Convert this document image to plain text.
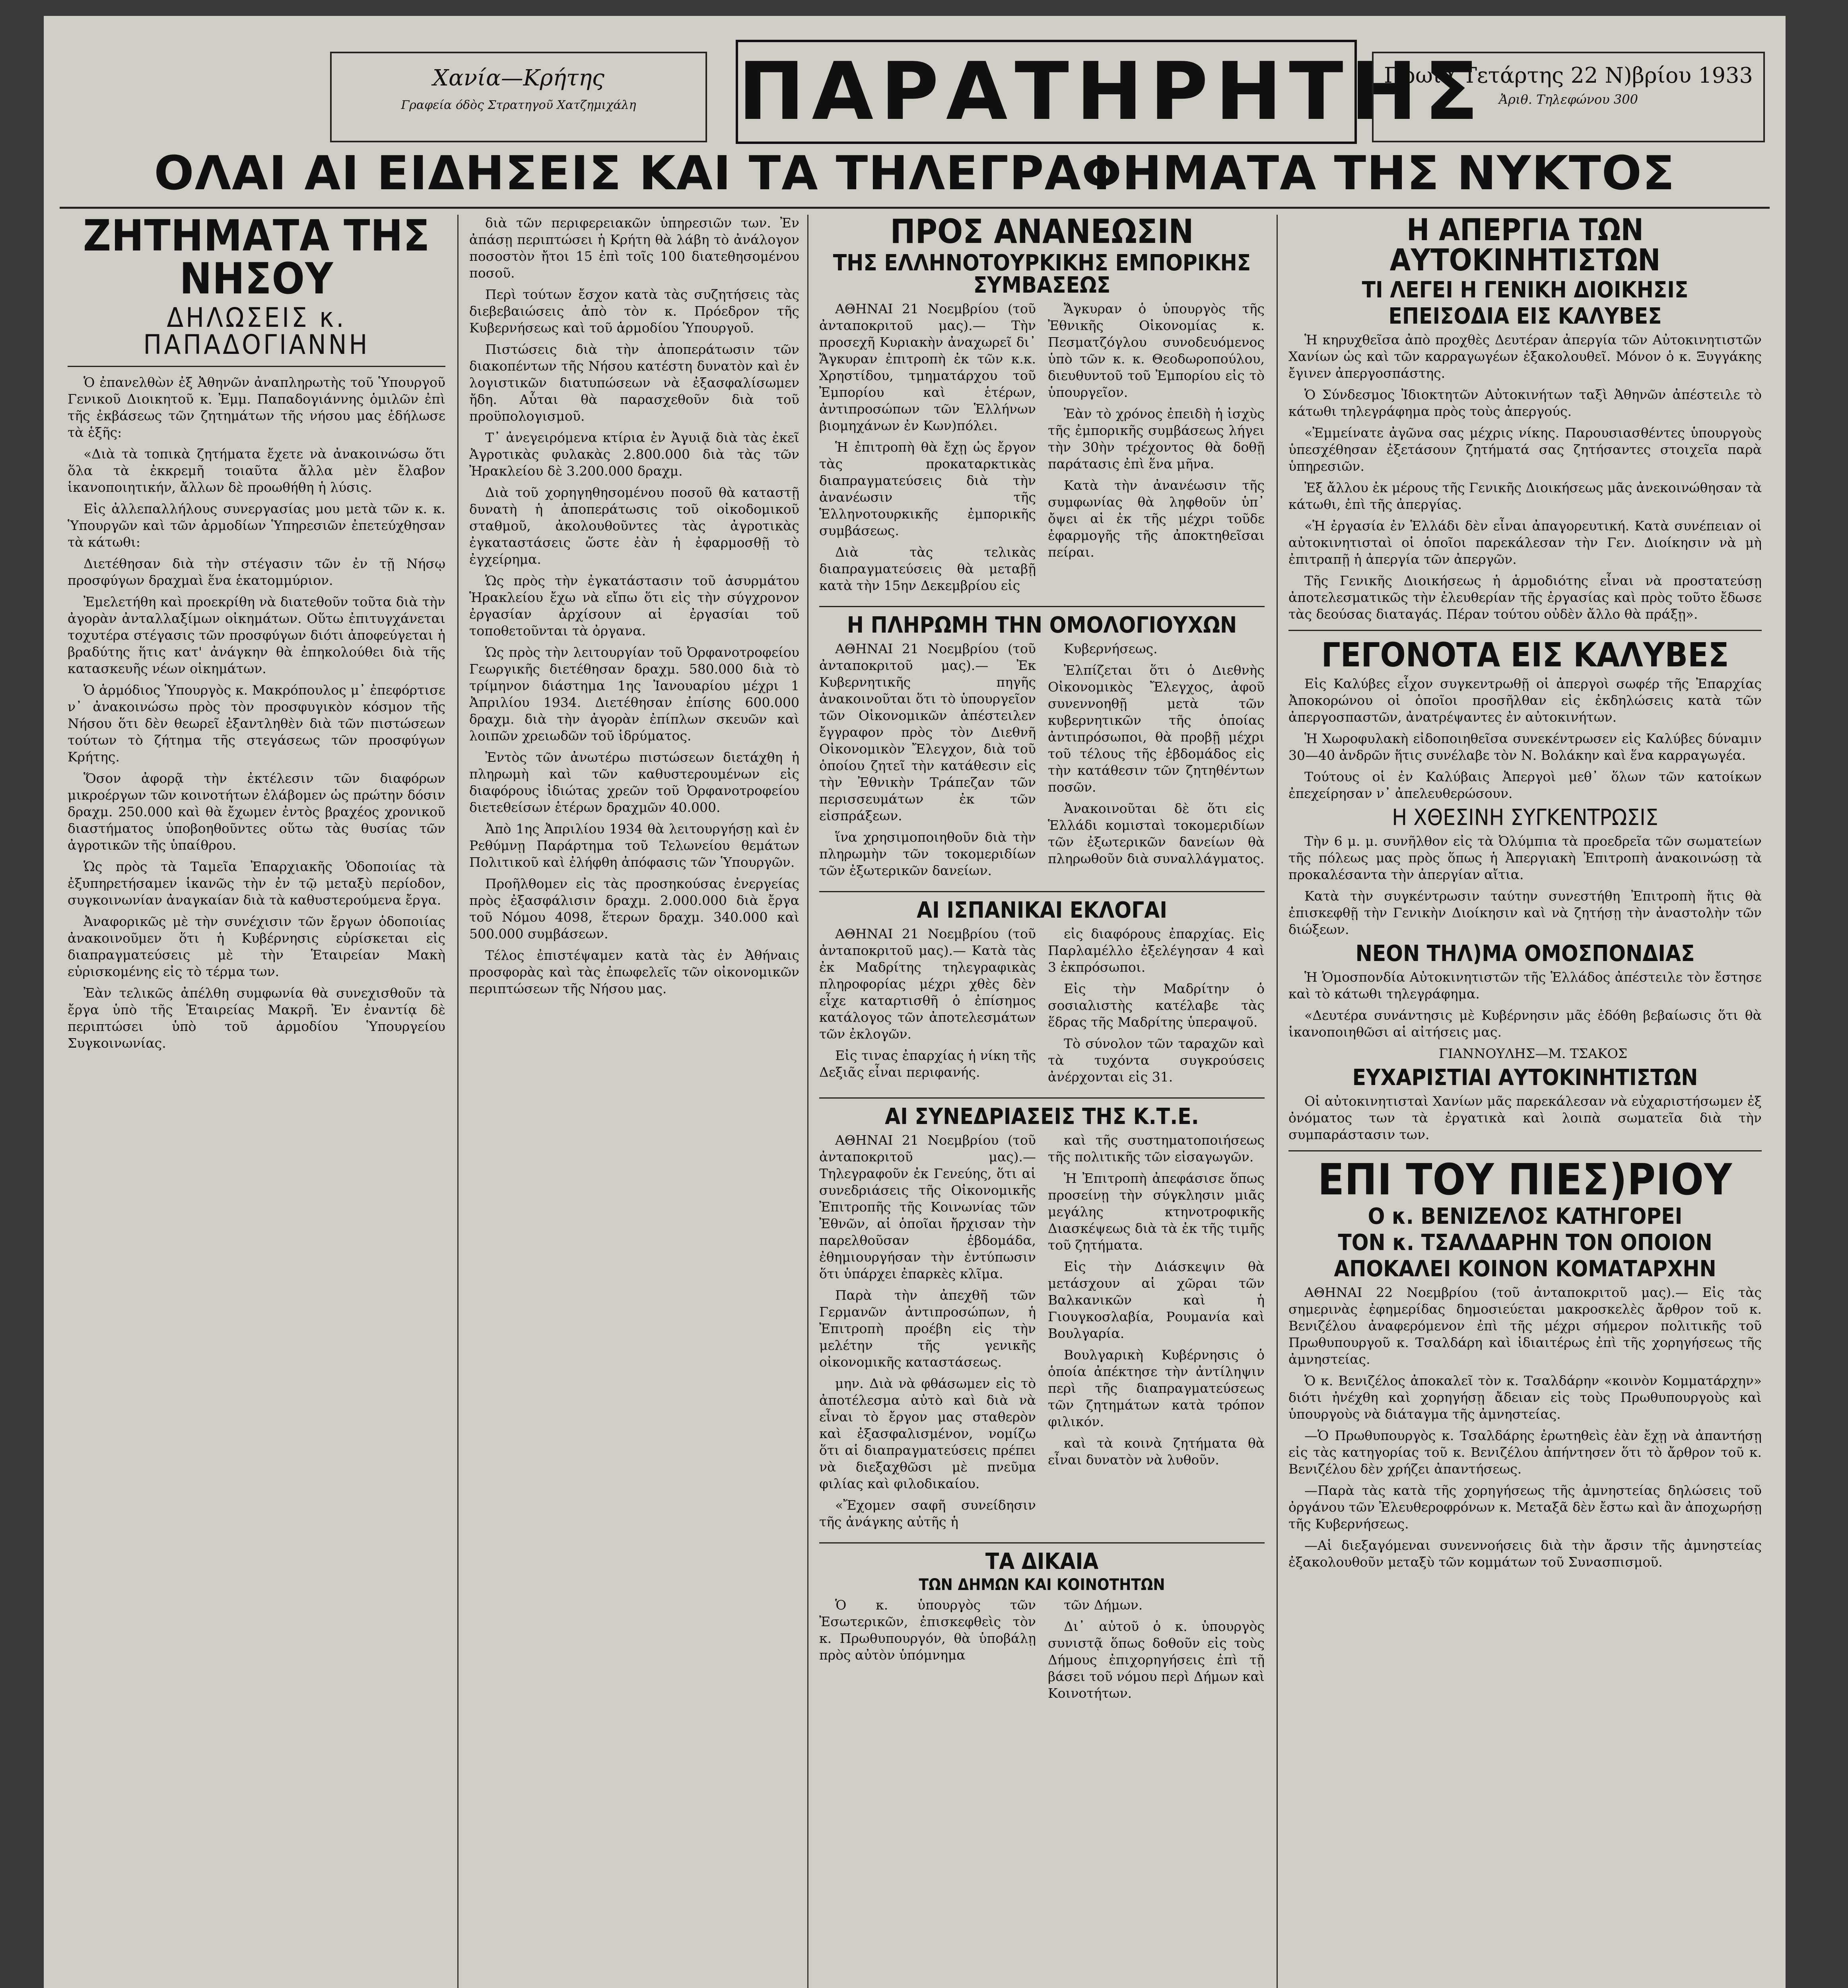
Χανία—Κρήτης
Γραφεία όδὸς Στρατηγοῦ Χατζημιχάλη	ΠΑΡΑΤΗΡΗΤΗΣ
Πρωΐα Τετάρτης 22 Ν)βρίου 1933
Ἀριθ. Τηλεφώνου 300
ΟΛΑΙ ΑΙ ΕΙΔΗΣΕΙΣ ΚΑΙ ΤΑ ΤΗΛΕΓΡΑΦΗΜΑΤΑ ΤΗΣ ΝΥΚΤΟΣ
ΖΗΤΗΜΑΤΑ ΤΗΣ ΝΗΣΟΥ
ΔΗΛΩΣΕΙΣ κ. ΠΑΠΑΔΟΓΙΑΝΝΗ

Ὁ ἐπανελθὼν ἐξ Ἀθηνῶν ἀναπληρωτὴς τοῦ Ὑπουργοῦ Γενικοῦ Διοικητοῦ κ. Ἐμμ. Παπαδογιάννης ὁμιλῶν ἐπὶ τῆς ἐκβάσεως τῶν ζητημάτων τῆς νήσου μας ἐδήλωσε τὰ ἑξῆς:

«Διὰ τὰ τοπικὰ ζητήματα ἔχετε νὰ ἀνακοινώσω ὅτι ὅλα τὰ ἐκκρεμῆ τοιαῦτα ἄλλα μὲν ἔλαβον ἱκανοποιητικήν, ἄλλων δὲ προωθήθη ἡ λύσις.

Εἰς ἀλλεπαλλήλους συνεργασίας μου μετὰ τῶν κ. κ. Ὑπουργῶν καὶ τῶν ἁρμοδίων Ὑπηρεσιῶν ἐπετεύχθησαν τὰ κάτωθι:

Διετέθησαν διὰ τὴν στέγασιν τῶν ἐν τῇ Νήσῳ προσφύγων δραχμαὶ ἕνα ἑκατομμύριον.

Ἐμελετήθη καὶ προεκρίθη νὰ διατεθοῦν τοῦτα διὰ τὴν ἀγορὰν ἀνταλλαξίμων οἰκημάτων. Οὕτω ἐπιτυγχάνεται τοχυτέρα στέγασις τῶν προσφύγων διότι ἀποφεύγεται ἡ βραδύτης ἥτις κατ' ἀνάγκην θὰ ἐπηκολούθει διὰ τῆς κατασκευῆς νέων οἰκημάτων.

Ὁ ἁρμόδιος Ὑπουργὸς κ. Μακρόπουλος μ᾽ ἐπεφόρτισε ν᾽ ἀνακοινώσω πρὸς τὸν προσφυγικὸν κόσμον τῆς Νήσου ὅτι δὲν θεωρεῖ ἐξαντληθὲν διὰ τῶν πιστώσεων τούτων τὸ ζήτημα τῆς στεγάσεως τῶν προσφύγων Κρήτης.

Ὅσον ἀφορᾷ τὴν ἐκτέλεσιν τῶν διαφόρων μικροέργων τῶν κοινοτήτων ἐλάβομεν ὡς πρώτην δόσιν δραχμ. 250.000 καὶ θὰ ἔχωμεν ἐντὸς βραχέος χρονικοῦ διαστήματος ὑποβοηθοῦντες οὕτω τὰς θυσίας τῶν ἀγροτικῶν τῆς ὑπαίθρου.

Ὡς πρὸς τὰ Ταμεῖα Ἐπαρχιακῆς Ὁδοποιίας τὰ ἐξυπηρετήσαμεν ἱκανῶς τὴν ἐν τῷ μεταξὺ περίοδον, συγκοινωνίαν ἀναγκαίαν διὰ τὰ καθυστερούμενα ἔργα.

Ἀναφορικῶς μὲ τὴν συνέχισιν τῶν ἔργων ὁδοποιίας ἀνακοινοῦμεν ὅτι ἡ Κυβέρνησις εὑρίσκεται εἰς διαπραγματεύσεις μὲ τὴν Ἑταιρείαν Μακὴ εὑρισκομένης εἰς τὸ τέρμα των.

Ἐὰν τελικῶς ἀπέλθη συμφωνία θὰ συνεχισθοῦν τὰ ἔργα ὑπὸ τῆς Ἑταιρείας Μακρῆ. Ἐν ἐναντίᾳ δὲ περιπτώσει ὑπὸ τοῦ ἁρμοδίου Ὑπουργείου Συγκοινωνίας.

διὰ τῶν περιφερειακῶν ὑπηρεσιῶν των. Ἐν ἀπάσῃ περιπτώσει ἡ Κρήτη θὰ λάβη τὸ ἀνάλογον ποσοστὸν ἤτοι 15 ἐπὶ τοῖς 100 διατεθησομένου ποσοῦ.

Περὶ τούτων ἔσχον κατὰ τὰς συζητήσεις τὰς διεβεβαιώσεις ἀπὸ τὸν κ. Πρόεδρον τῆς Κυβερνήσεως καὶ τοῦ ἁρμοδίου Ὑπουργοῦ.

Πιστώσεις διὰ τὴν ἀποπεράτωσιν τῶν διακοπέντων τῆς Νήσου κατέστη δυνατὸν καὶ ἐν λογιστικῶν διατυπώσεων νὰ ἐξασφαλίσωμεν ἤδη. Αὗται θὰ παρασχεθοῦν διὰ τοῦ προϋπολογισμοῦ.

Τ᾽ ἀνεγειρόμενα κτίρια ἐν Ἀγυιᾷ διὰ τὰς ἐκεῖ Ἀγροτικὰς φυλακὰς 2.800.000 διὰ τὰς τῶν Ἠρακλείου δὲ 3.200.000 δραχμ.

Διὰ τοῦ χορηγηθησομένου ποσοῦ θὰ καταστῇ δυνατὴ ἡ ἀποπεράτωσις τοῦ οἰκοδομικοῦ σταθμοῦ, ἀκολουθοῦντες τὰς ἀγροτικὰς ἐγκαταστάσεις ὥστε ἐὰν ἡ ἐφαρμοσθῇ τὸ ἐγχείρημα.

Ὡς πρὸς τὴν ἐγκατάστασιν τοῦ ἀσυρμάτου Ἡρακλείου ἔχω νὰ εἴπω ὅτι εἰς τὴν σύγχρονον ἐργασίαν ἀρχίσουν αἱ ἐργασίαι τοῦ τοποθετοῦνται τὰ ὀργανα.

Ὡς πρὸς τὴν λειτουργίαν τοῦ Ὀρφανοτροφείου Γεωργικῆς διετέθησαν δραχμ. 580.000 διὰ τὸ τρίμηνον διάστημα 1ης Ἰανουαρίου μέχρι 1 Ἀπριλίου 1934. Διετέθησαν ἐπίσης 600.000 δραχμ. διὰ τὴν ἀγορὰν ἐπίπλων σκευῶν καὶ λοιπῶν χρειωδῶν τοῦ ἱδρύματος.

Ἐντὸς τῶν ἀνωτέρω πιστώσεων διετάχθη ἡ πληρωμὴ καὶ τῶν καθυστερουμένων εἰς διαφόρους ἰδιώτας χρεῶν τοῦ Ὀρφανοτροφείου διετεθείσων ἑτέρων δραχμῶν 40.000.

Ἀπὸ 1ης Ἀπριλίου 1934 θὰ λειτουργήσῃ καὶ ἐν Ρεθύμνῃ Παράρτημα τοῦ Τελωνείου θεμάτων Πολιτικοῦ καὶ ἐλήφθη ἀπόφασις τῶν Ὑπουργῶν.

Προῆλθομεν εἰς τὰς προσηκούσας ἐνεργείας πρὸς ἐξασφάλισιν δραχμ. 2.000.000 διὰ ἔργα τοῦ Νόμου 4098, ἕτερων δραχμ. 340.000 καὶ 500.000 συμβάσεων.

Τέλος ἐπιστέψαμεν κατὰ τὰς ἐν Ἀθήναις προσφορὰς καὶ τὰς ἐπωφελεῖς τῶν οἰκονομικῶν περιπτώσεων τῆς Νήσου μας.

ΠΡΟΣ ΑΝΑΝΕΩΣΙΝ
ΤΗΣ ΕΛΛΗΝΟΤΟΥΡΚΙΚΗΣ ΕΜΠΟΡΙΚΗΣ ΣΥΜΒΑΣΕΩΣ

ΑΘΗΝΑΙ 21 Νοεμβρίου (τοῦ ἀνταποκριτοῦ μας).— Τὴν προσεχῆ Κυριακὴν ἀναχωρεῖ δι᾽ Ἄγκυραν ἐπιτροπὴ ἐκ τῶν κ.κ. Χρηστίδου, τμηματάρχου τοῦ Ἐμπορίου καὶ ἑτέρων, ἀντιπροσώπων τῶν Ἑλλήνων βιομηχάνων ἐν Κων)πόλει.

Ἡ ἐπιτροπὴ θὰ ἔχῃ ὡς ἔργον τὰς προκαταρκτικὰς διαπραγματεύσεις διὰ τὴν ἀνανέωσιν τῆς Ἑλληνοτουρκικῆς ἐμπορικῆς συμβάσεως.

Διὰ τὰς τελικὰς διαπραγματεύσεις θὰ μεταβῇ κατὰ τὴν 15ην Δεκεμβρίου εἰς

Ἄγκυραν ὁ ὑπουργὸς τῆς Ἐθνικῆς Οἰκονομίας κ. Πεσματζόγλου συνοδευόμενος ὑπὸ τῶν κ. κ. Θεοδωροπούλου, διευθυντοῦ τοῦ Ἐμπορίου εἰς τὸ ὑπουργεῖον.

Ἐὰν τὸ χρόνος ἐπειδὴ ἡ ἰσχὺς τῆς ἐμπορικῆς συμβάσεως λήγει τὴν 30ὴν τρέχοντος θὰ δοθῇ παράτασις ἐπὶ ἕνα μῆνα.

Κατὰ τὴν ἀνανέωσιν τῆς συμφωνίας θὰ ληφθοῦν ὑπ᾽ ὄψει αἱ ἐκ τῆς μέχρι τοῦδε ἐφαρμογῆς τῆς ἀποκτηθεῖσαι πείραι.

Η ΠΛΗΡΩΜΗ ΤΗΝ ΟΜΟΛΟΓΙΟΥΧΩΝ

ΑΘΗΝΑΙ 21 Νοεμβρίου (τοῦ ἀνταποκριτοῦ μας).— Ἐκ Κυβερνητικῆς πηγῆς ἀνακοινοῦται ὅτι τὸ ὑπουργεῖον τῶν Οἰκονομικῶν ἀπέστειλεν ἔγγραφον πρὸς τὸν Διεθνῆ Οἰκονομικὸν Ἔλεγχον, διὰ τοῦ ὁποίου ζητεῖ τὴν κατάθεσιν εἰς τὴν Ἐθνικὴν Τράπεζαν τῶν περισσευμάτων ἐκ τῶν εἰσπράξεων.

ἵνα χρησιμοποιηθοῦν διὰ τὴν πληρωμὴν τῶν τοκομεριδίων τῶν ἐξωτερικῶν δανείων.

Κυβερνήσεως.

Ἐλπίζεται ὅτι ὁ Διεθνὴς Οἰκονομικὸς Ἔλεγχος, ἀφοῦ συνεννοηθῇ μετὰ τῶν κυβερνητικῶν τῆς ὁποίας ἀντιπρόσωποι, θὰ προβῇ μέχρι τοῦ τέλους τῆς ἑβδομάδος εἰς τὴν κατάθεσιν τῶν ζητηθέντων ποσῶν.

Ἀνακοινοῦται δὲ ὅτι εἰς Ἑλλάδι κομισταὶ τοκομεριδίων τῶν ἐξωτερικῶν δανείων θὰ πληρωθοῦν διὰ συναλλάγματος.

ΑΙ ΙΣΠΑΝΙΚΑΙ ΕΚΛΟΓΑΙ

ΑΘΗΝΑΙ 21 Νοεμβρίου (τοῦ ἀνταποκριτοῦ μας).— Κατὰ τὰς ἐκ Μαδρίτης τηλεγραφικὰς πληροφορίας μέχρι χθὲς δὲν εἶχε καταρτισθῆ ὁ ἐπίσημος κατάλογος τῶν ἀποτελεσμάτων τῶν ἐκλογῶν.

Εἰς τινας ἐπαρχίας ἡ νίκη τῆς Δεξιᾶς εἶναι περιφανής.

εἰς διαφόρους ἐπαρχίας. Εἰς Παρλαμέλλο ἐξελέγησαν 4 καὶ 3 ἐκπρόσωποι.

Εἰς τὴν Μαδρίτην ὁ σοσιαλιστὴς κατέλαβε τὰς ἕδρας τῆς Μαδρίτης ὑπεραψοῦ.

Τὸ σύνολον τῶν ταραχῶν καὶ τὰ τυχόντα συγκρούσεις ἀνέρχονται εἰς 31.

ΑΙ ΣΥΝΕΔΡΙΑΣΕΙΣ ΤΗΣ Κ.Τ.Ε.

ΑΘΗΝΑΙ 21 Νοεμβρίου (τοῦ ἀνταποκριτοῦ μας).— Τηλεγραφοῦν ἐκ Γενεύης, ὅτι αἱ συνεδριάσεις τῆς Οἰκονομικῆς Ἐπιτροπῆς τῆς Κοινωνίας τῶν Ἐθνῶν, αἱ ὁποῖαι ἤρχισαν τὴν παρελθοῦσαν ἑβδομάδα, ἐθημιουργήσαν τὴν ἐντύπωσιν ὅτι ὑπάρχει ἐπαρκὲς κλῖμα.

Παρὰ τὴν ἀπεχθῆ τῶν Γερμανῶν ἀντιπροσώπων, ἡ Ἐπιτροπὴ προέβη εἰς τὴν μελέτην τῆς γενικῆς οἰκονομικῆς καταστάσεως.

μην. Διὰ νὰ φθάσωμεν εἰς τὸ ἀποτέλεσμα αὐτὸ καὶ διὰ νὰ εἶναι τὸ ἔργον μας σταθερὸν καὶ ἐξασφαλισμένον, νομίζω ὅτι αἱ διαπραγματεύσεις πρέπει νὰ διεξαχθῶσι μὲ πνεῦμα φιλίας καὶ φιλοδικαίου.

«Ἔχομεν σαφῆ συνείδησιν τῆς ἀνάγκης αὐτῆς ἡ

καὶ τῆς συστηματοποιήσεως τῆς πολιτικῆς τῶν εἰσαγωγῶν.

Ἡ Ἐπιτροπὴ ἀπεφάσισε ὅπως προσείνῃ τὴν σύγκλησιν μιᾶς μεγάλης κτηνοτροφικῆς Διασκέψεως διὰ τὰ ἐκ τῆς τιμῆς τοῦ ζητήματα.

Εἰς τὴν Διάσκεψιν θὰ μετάσχουν αἱ χῶραι τῶν Βαλκανικῶν καὶ ἡ Γιουγκοσλαβία, Ρουμανία καὶ Βουλγαρία.

Βουλγαρικὴ Κυβέρνησις ὁ ὁποία ἀπέκτησε τὴν ἀντίληψιν περὶ τῆς διαπραγματεύσεως τῶν ζητημάτων κατὰ τρόπον φιλικόν.

καὶ τὰ κοινὰ ζητήματα θὰ εἶναι δυνατὸν νὰ λυθοῦν.

ΤΑ ΔΙΚΑΙΑ
ΤΩΝ ΔΗΜΩΝ ΚΑΙ ΚΟΙΝΟΤΗΤΩΝ

Ὁ κ. ὑπουργὸς τῶν Ἐσωτερικῶν, ἐπισκεφθεὶς τὸν κ. Πρωθυπουργόν, θὰ ὑποβάλῃ πρὸς αὐτὸν ὑπόμνημα

τῶν Δήμων.

Δι᾽ αὐτοῦ ὁ κ. ὑπουργὸς συνιστᾷ ὅπως δοθοῦν εἰς τοὺς Δήμους ἐπιχορηγήσεις ἐπὶ τῇ βάσει τοῦ νόμου περὶ Δήμων καὶ Κοινοτήτων.

Η ΑΠΕΡΓΙΑ ΤΩΝ ΑΥΤΟΚΙΝΗΤΙΣΤΩΝ
ΤΙ ΛΕΓΕΙ Η ΓΕΝΙΚΗ ΔΙΟΙΚΗΣΙΣ
ΕΠΕΙΣΟΔΙΑ ΕΙΣ ΚΑΛΥΒΕΣ

Ἡ κηρυχθεῖσα ἀπὸ προχθὲς Δευτέραν ἀπεργία τῶν Αὐτοκινητιστῶν Χανίων ὡς καὶ τῶν καρραγωγέων ἐξακολουθεῖ. Μόνον ὁ κ. Ξυγγάκης ἔγινεν ἀπεργοσπάστης.

Ὁ Σύνδεσμος Ἰδιοκτητῶν Αὐτοκινήτων ταξὶ Ἀθηνῶν ἀπέστειλε τὸ κάτωθι τηλεγράφημα πρὸς τοὺς ἀπεργούς.

«Ἐμμείνατε ἀγῶνα σας μέχρις νίκης. Παρουσιασθέντες ὑπουργοὺς ὑπεσχέθησαν ἐξετάσουν ζητήματά σας ζητήσαντες στοιχεῖα παρὰ ὑπηρεσιῶν.

Ἐξ ἄλλου ἐκ μέρους τῆς Γενικῆς Διοικήσεως μᾶς ἀνεκοινώθησαν τὰ κάτωθι, ἐπὶ τῆς ἀπεργίας.

«Ἡ ἐργασία ἐν Ἑλλάδι δὲν εἶναι ἀπαγορευτική. Κατὰ συνέπειαν οἱ αὐτοκινητισταὶ οἱ ὁποῖοι παρεκάλεσαν τὴν Γεν. Διοίκησιν νὰ μὴ ἐπιτραπῇ ἡ ἀπεργία τῶν ἀπεργῶν.

Τῆς Γενικῆς Διοικήσεως ἡ ἁρμοδιότης εἶναι νὰ προστατεύσῃ ἀποτελεσματικῶς τὴν ἐλευθερίαν τῆς ἐργασίας καὶ πρὸς τοῦτο ἔδωσε τὰς δεούσας διαταγάς. Πέραν τούτου οὐδὲν ἄλλο θὰ πράξῃ».

ΓΕΓΟΝΟΤΑ ΕΙΣ ΚΑΛΥΒΕΣ

Εἰς Καλύβες εἶχον συγκεντρωθῇ οἱ ἀπεργοὶ σωφέρ τῆς Ἐπαρχίας Ἀποκορώνου οἱ ὁποῖοι προσῆλθαν εἰς ἐκδηλώσεις κατὰ τῶν ἀπεργοσπαστῶν, ἀνατρέψαντες ἐν αὐτοκινήτων.

Ἡ Χωροφυλακὴ εἰδοποιηθεῖσα συνεκέντρωσεν εἰς Καλύβες δύναμιν 30—40 ἀνδρῶν ἥτις συνέλαβε τὸν Ν. Βολάκην καὶ ἕνα καρραγωγέα.

Τούτους οἱ ἐν Καλύβαις Ἀπεργοὶ μεθ᾽ ὅλων τῶν κατοίκων ἐπεχείρησαν ν᾽ ἀπελευθερώσουν.

Η ΧΘΕΣΙΝΗ ΣΥΓΚΕΝΤΡΩΣΙΣ

Τὴν 6 μ. μ. συνῆλθον εἰς τὰ Ὀλύμπια τὰ προεδρεῖα τῶν σωματείων τῆς πόλεως μας πρὸς ὅπως ἡ Ἀπεργιακὴ Ἐπιτροπὴ ἀνακοινώσῃ τὰ προκαλέσαντα τὴν ἀπεργίαν αἴτια.

Κατὰ τὴν συγκέντρωσιν ταύτην συνεστήθη Ἐπιτροπὴ ἥτις θὰ ἐπισκεφθῇ τὴν Γενικὴν Διοίκησιν καὶ νὰ ζητήσῃ τὴν ἀναστολὴν τῶν διώξεων.

ΝΕΟΝ ΤΗΛ)ΜΑ ΟΜΟΣΠΟΝΔΙΑΣ

Ἡ Ὁμοσπονδία Αὐτοκινητιστῶν τῆς Ἑλλάδος ἀπέστειλε τὸν ἔστησε καὶ τὸ κάτωθι τηλεγράφημα.

«Δευτέρα συνάντησις μὲ Κυβέρνησιν μᾶς ἐδόθη βεβαίωσις ὅτι θὰ ἱκανοποιηθῶσι αἱ αἰτήσεις μας.

ΓΙΑΝΝΟΥΛΗΣ—Μ. ΤΣΑΚΟΣ

ΕΥΧΑΡΙΣΤΙΑΙ ΑΥΤΟΚΙΝΗΤΙΣΤΩΝ

Οἱ αὐτοκινητισταὶ Χανίων μᾶς παρεκάλεσαν νὰ εὐχαριστήσωμεν ἐξ ὀνόματος των τὰ ἐργατικὰ καὶ λοιπὰ σωματεῖα διὰ τὴν συμπαράστασιν των.

ΕΠΙ ΤΟΥ ΠΙΕΣ)ΡΙΟΥ
Ο κ. ΒΕΝΙΖΕΛΟΣ ΚΑΤΗΓΟΡΕΙ
ΤΟΝ κ. ΤΣΑΛΔΑΡΗΝ ΤΟΝ ΟΠΟΙΟΝ
ΑΠΟΚΑΛΕΙ ΚΟΙΝΟΝ ΚΟΜΑΤΑΡΧΗΝ

ΑΘΗΝΑΙ 22 Νοεμβρίου (τοῦ ἀνταποκριτοῦ μας).— Εἰς τὰς σημερινὰς ἐφημερίδας δημοσιεύεται μακροσκελὲς ἄρθρον τοῦ κ. Βενιζέλου ἀναφερόμενον ἐπὶ τῆς μέχρι σήμερον πολιτικῆς τοῦ Πρωθυπουργοῦ κ. Τσαλδάρη καὶ ἰδιαιτέρως ἐπὶ τῆς χορηγήσεως τῆς ἀμνηστείας.

Ὁ κ. Βενιζέλος ἀποκαλεῖ τὸν κ. Τσαλδάρην «κοινὸν Κομματάρχην» διότι ἠνέχθη καὶ χορηγήσῃ ἄδειαν εἰς τοὺς Πρωθυπουργοὺς καὶ ὑπουργοὺς νὰ διάταγμα τῆς ἀμνηστείας.

—Ὁ Πρωθυπουργὸς κ. Τσαλδάρης ἐρωτηθεὶς ἐὰν ἔχῃ νὰ ἀπαντήσῃ εἰς τὰς κατηγορίας τοῦ κ. Βενιζέλου ἀπήντησεν ὅτι τὸ ἄρθρον τοῦ κ. Βενιζέλου δὲν χρήζει ἀπαντήσεως.

—Παρὰ τὰς κατὰ τῆς χορηγήσεως τῆς ἀμνηστείας δηλώσεις τοῦ ὀργάνου τῶν Ἐλευθεροφρόνων κ. Μεταξᾶ δὲν ἔστω καὶ ἂν ἀποχωρήσῃ τῆς Κυβερνήσεως.

—Αἱ διεξαγόμεναι συνεννοήσεις διὰ τὴν ἄρσιν τῆς ἀμνηστείας ἐξακολουθοῦν μεταξὺ τῶν κομμάτων τοῦ Συνασπισμοῦ.
